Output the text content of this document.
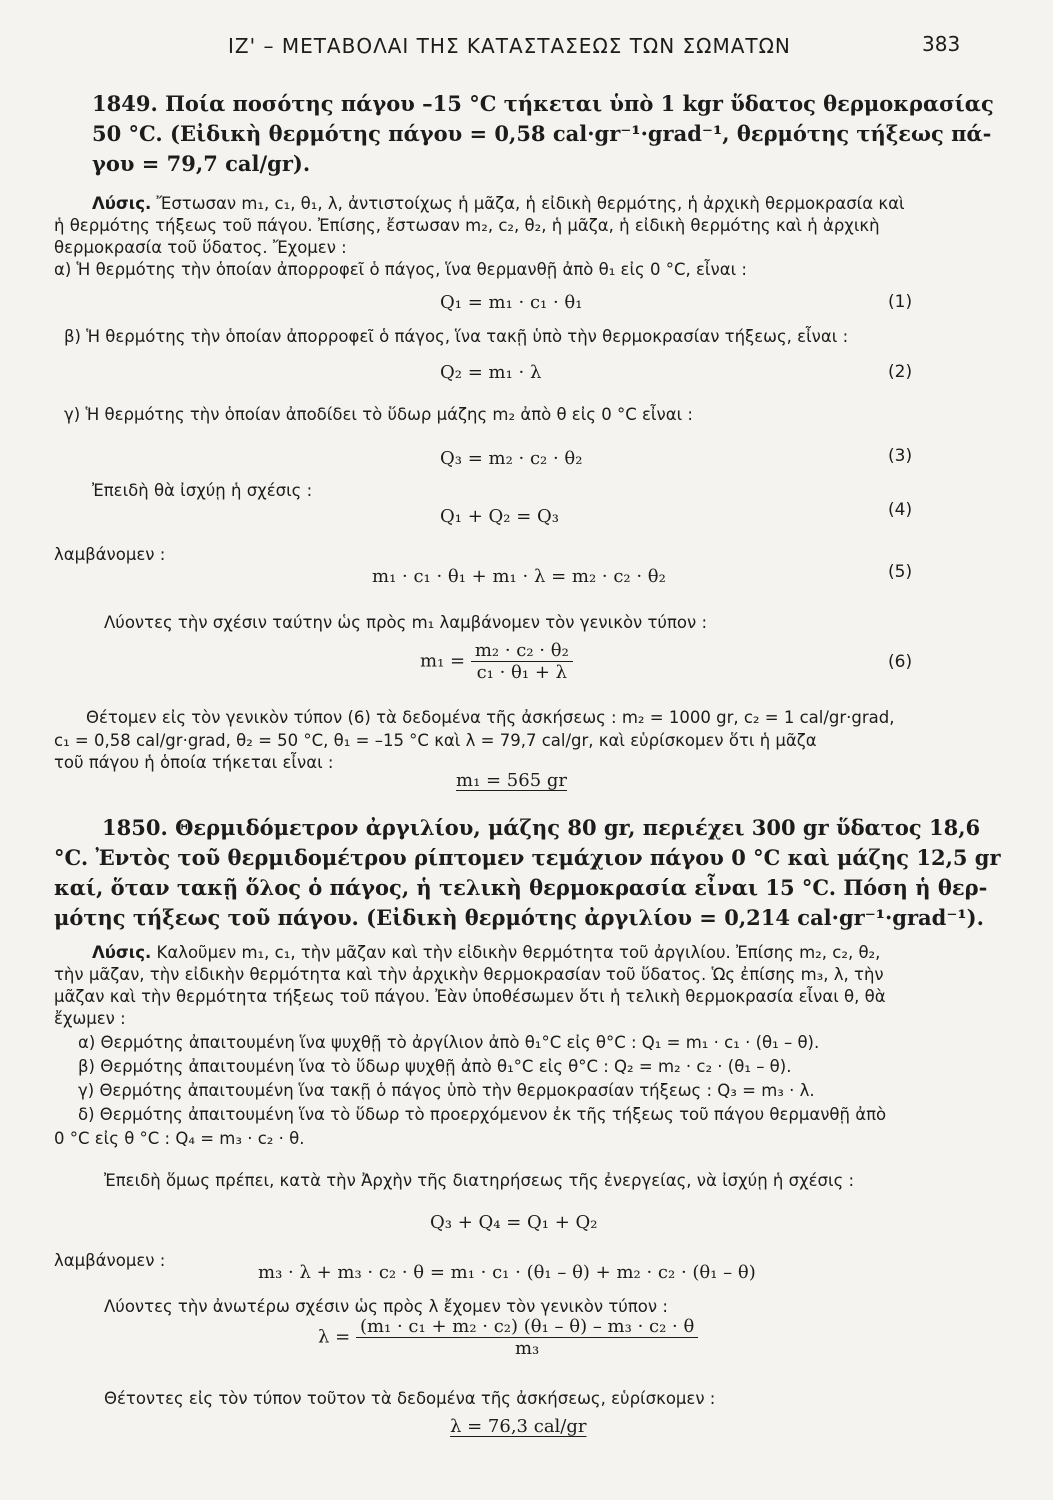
ΙΖ' – ΜΕΤΑΒΟΛΑΙ ΤΗΣ ΚΑΤΑΣΤΑΣΕΩΣ ΤΩΝ ΣΩΜΑΤΩΝ	383
1849. Ποία ποσότης πάγου –15 °C τήκεται ὑπὸ 1 kgr ὕδατος θερμοκρασίας
50 °C. (Εἰδικὴ θερμότης πάγου = 0,58 cal·gr⁻¹·grad⁻¹, θερμότης τήξεως πά-
γου = 79,7 cal/gr).
Λύσις. Ἔστωσαν m₁, c₁, θ₁, λ, ἀντιστοίχως ἡ μᾶζα, ἡ εἰδικὴ θερμότης, ἡ ἀρχικὴ θερμοκρασία καὶ
ἡ θερμότης τήξεως τοῦ πάγου. Ἐπίσης, ἔστωσαν m₂, c₂, θ₂, ἡ μᾶζα, ἡ εἰδικὴ θερμότης καὶ ἡ ἀρχικὴ
θερμοκρασία τοῦ ὕδατος. Ἔχομεν :
α) Ἡ θερμότης τὴν ὁποίαν ἀπορροφεῖ ὁ πάγος, ἵνα θερμανθῇ ἀπὸ θ₁ εἰς 0 °C, εἶναι :
Q₁ = m₁ · c₁ · θ₁	(1)
β) Ἡ θερμότης τὴν ὁποίαν ἀπορροφεῖ ὁ πάγος, ἵνα τακῇ ὑπὸ τὴν θερμοκρασίαν τήξεως, εἶναι :
Q₂ = m₁ · λ	(2)
γ) Ἡ θερμότης τὴν ὁποίαν ἀποδίδει τὸ ὕδωρ μάζης m₂ ἀπὸ θ εἰς 0 °C εἶναι :
Q₃ = m₂ · c₂ · θ₂	(3)
Ἐπειδὴ θὰ ἰσχύῃ ἡ σχέσις :
Q₁ + Q₂ = Q₃	(4)
λαμβάνομεν :
m₁ · c₁ · θ₁ + m₁ · λ = m₂ · c₂ · θ₂	(5)
Λύοντες τὴν σχέσιν ταύτην ὡς πρὸς m₁ λαμβάνομεν τὸν γενικὸν τύπον :
$m_1 = \frac{\text{m₂ · c₂ · θ₂}}{\text{c₁ · θ₁ + λ}}$	(6)
Θέτομεν εἰς τὸν γενικὸν τύπον (6) τὰ δεδομένα τῆς ἀσκήσεως : m₂ = 1000 gr, c₂ = 1 cal/gr·grad,
c₁ = 0,58 cal/gr·grad, θ₂ = 50 °C, θ₁ = –15 °C καὶ λ = 79,7 cal/gr, καὶ εὑρίσκομεν ὅτι ἡ μᾶζα
τοῦ πάγου ἡ ὁποία τήκεται εἶναι :
m₁ = 565 gr
1850. Θερμιδόμετρον ἀργιλίου, μάζης 80 gr, περιέχει 300 gr ὕδατος 18,6
°C. Ἐντὸς τοῦ θερμιδομέτρου ρίπτομεν τεμάχιον πάγου 0 °C καὶ μάζης 12,5 gr
καί, ὅταν τακῇ ὅλος ὁ πάγος, ἡ τελικὴ θερμοκρασία εἶναι 15 °C. Πόση ἡ θερ-
μότης τήξεως τοῦ πάγου. (Εἰδικὴ θερμότης ἀργιλίου = 0,214 cal·gr⁻¹·grad⁻¹).
Λύσις. Καλοῦμεν m₁, c₁, τὴν μᾶζαν καὶ τὴν εἰδικὴν θερμότητα τοῦ ἀργιλίου. Ἐπίσης m₂, c₂, θ₂,
τὴν μᾶζαν, τὴν εἰδικὴν θερμότητα καὶ τὴν ἀρχικὴν θερμοκρασίαν τοῦ ὕδατος. Ὡς ἐπίσης m₃, λ, τὴν
μᾶζαν καὶ τὴν θερμότητα τήξεως τοῦ πάγου. Ἐὰν ὑποθέσωμεν ὅτι ἡ τελικὴ θερμοκρασία εἶναι θ, θὰ
ἔχωμεν :
α) Θερμότης ἀπαιτουμένη ἵνα ψυχθῇ τὸ ἀργίλιον ἀπὸ θ₁°C εἰς θ°C : Q₁ = m₁ · c₁ · (θ₁ – θ).
β) Θερμότης ἀπαιτουμένη ἵνα τὸ ὕδωρ ψυχθῇ ἀπὸ θ₁°C εἰς θ°C : Q₂ = m₂ · c₂ · (θ₁ – θ).
γ) Θερμότης ἀπαιτουμένη ἵνα τακῇ ὁ πάγος ὑπὸ τὴν θερμοκρασίαν τήξεως : Q₃ = m₃ · λ.
δ) Θερμότης ἀπαιτουμένη ἵνα τὸ ὕδωρ τὸ προερχόμενον ἐκ τῆς τήξεως τοῦ πάγου θερμανθῇ ἀπὸ
0 °C εἰς θ °C : Q₄ = m₃ · c₂ · θ.
Ἐπειδὴ ὅμως πρέπει, κατὰ τὴν Ἀρχὴν τῆς διατηρήσεως τῆς ἐνεργείας, νὰ ἰσχύῃ ἡ σχέσις :
Q₃ + Q₄ = Q₁ + Q₂
λαμβάνομεν :
m₃ · λ + m₃ · c₂ · θ = m₁ · c₁ · (θ₁ – θ) + m₂ · c₂ · (θ₁ – θ)
Λύοντες τὴν ἀνωτέρω σχέσιν ὡς πρὸς λ ἔχομεν τὸν γενικὸν τύπον :
$\lambda = \frac{\text{(m₁ · c₁ + m₂ · c₂) (θ₁ – θ) – m₃ · c₂ · θ}}{\text{m₃}}$
Θέτοντες εἰς τὸν τύπον τοῦτον τὰ δεδομένα τῆς ἀσκήσεως, εὑρίσκομεν :
λ = 76,3 cal/gr
